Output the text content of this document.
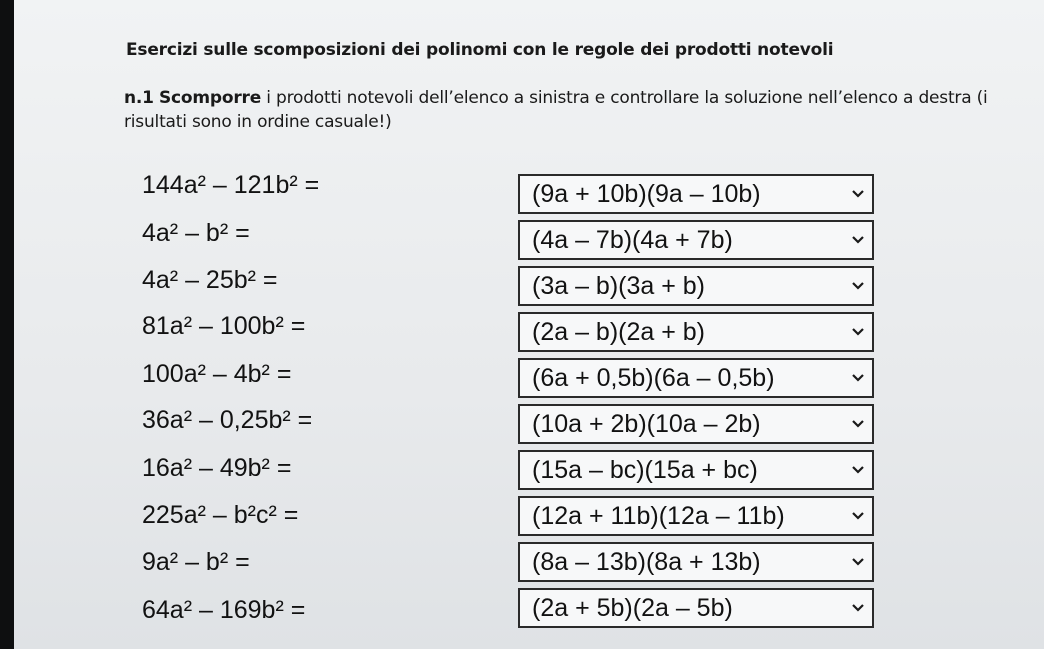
Esercizi sulle scomposizioni dei polinomi con le regole dei prodotti notevoli
n.1 Scomporre i prodotti notevoli dell’elenco a sinistra e controllare la soluzione nell’elenco a destra (i risultati sono in ordine casuale!)
144a² – 121b² =
4a² – b² =
4a² – 25b² =
81a² – 100b² =
100a² – 4b² =
36a² – 0,25b² =
16a² – 49b² =
225a² – b²c² =
9a² – b² =
64a² – 169b² =
(9a + 10b)(9a – 10b)
(4a – 7b)(4a + 7b)
(3a – b)(3a + b)
(2a – b)(2a + b)
(6a + 0,5b)(6a – 0,5b)
(10a + 2b)(10a – 2b)
(15a – bc)(15a + bc)
(12a + 11b)(12a – 11b)
(8a – 13b)(8a + 13b)
(2a + 5b)(2a – 5b)
